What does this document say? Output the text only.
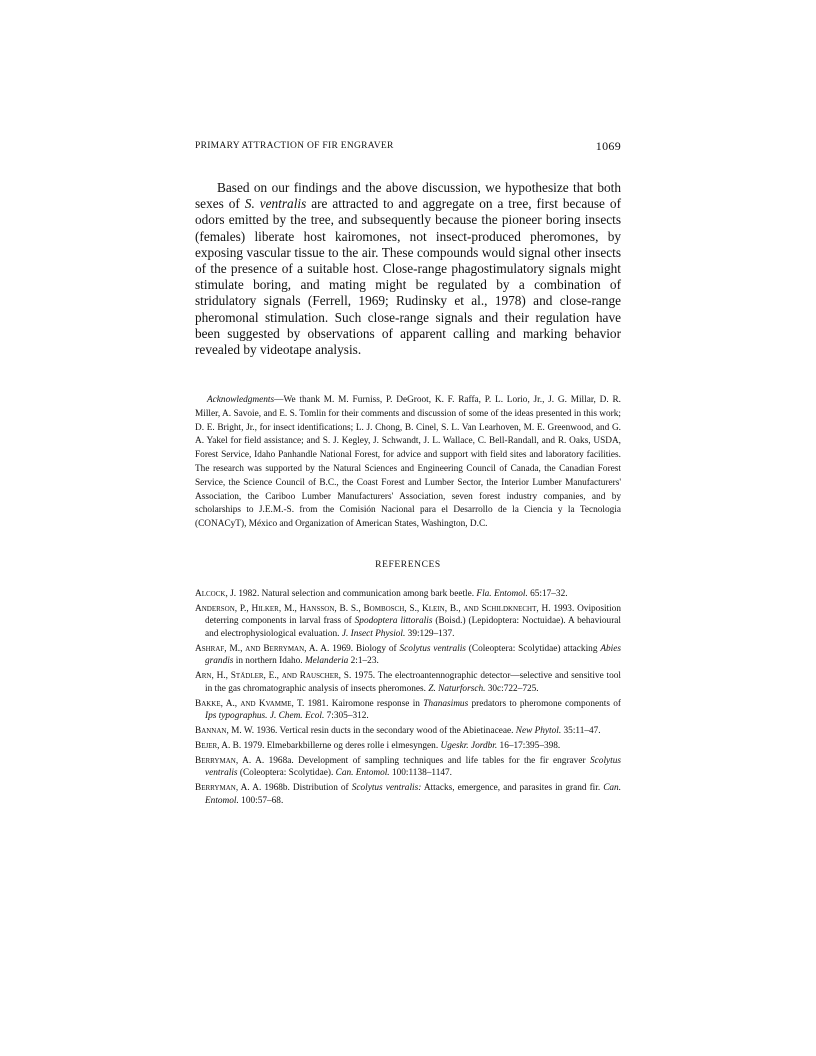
PRIMARY ATTRACTION OF FIR ENGRAVER	1069

Based on our findings and the above discussion, we hypothesize that both sexes of S. ventralis are attracted to and aggregate on a tree, first because of odors emitted by the tree, and subsequently because the pioneer boring insects (females) liberate host kairomones, not insect-produced pheromones, by exposing vascular tissue to the air. These compounds would signal other insects of the presence of a suitable host. Close-range phagostimulatory signals might stimulate boring, and mating might be regulated by a combination of stridulatory signals (Ferrell, 1969; Rudinsky et al., 1978) and close-range pheromonal stimulation. Such close-range signals and their regulation have been suggested by observations of apparent calling and marking behavior revealed by videotape analysis.

Acknowledgments—We thank M. M. Furniss, P. DeGroot, K. F. Raffa, P. L. Lorio, Jr., J. G. Millar, D. R. Miller, A. Savoie, and E. S. Tomlin for their comments and discussion of some of the ideas presented in this work; D. E. Bright, Jr., for insect identifications; L. J. Chong, B. Cinel, S. L. Van Learhoven, M. E. Greenwood, and G. A. Yakel for field assistance; and S. J. Kegley, J. Schwandt, J. L. Wallace, C. Bell-Randall, and R. Oaks, USDA, Forest Service, Idaho Panhandle National Forest, for advice and support with field sites and laboratory facilities. The research was supported by the Natural Sciences and Engineering Council of Canada, the Canadian Forest Service, the Science Council of B.C., the Coast Forest and Lumber Sector, the Interior Lumber Manufacturers' Association, the Cariboo Lumber Manufacturers' Association, seven forest industry companies, and by scholarships to J.E.M.-S. from the Comisión Nacional para el Desarrollo de la Ciencia y la Tecnologia (CONACyT), México and Organization of American States, Washington, D.C.

REFERENCES
Alcock, J. 1982. Natural selection and communication among bark beetle. Fla. Entomol. 65:17–32.
Anderson, P., Hilker, M., Hansson, B. S., Bombosch, S., Klein, B., and Schildknecht, H. 1993. Oviposition deterring components in larval frass of Spodoptera littoralis (Boisd.) (Lepidoptera: Noctuidae). A behavioural and electrophysiological evaluation. J. Insect Physiol. 39:129–137.
Ashraf, M., and Berryman, A. A. 1969. Biology of Scolytus ventralis (Coleoptera: Scolytidae) attacking Abies grandis in northern Idaho. Melanderia 2:1–23.
Arn, H., Städler, E., and Rauscher, S. 1975. The electroantennographic detector—selective and sensitive tool in the gas chromatographic analysis of insects pheromones. Z. Naturforsch. 30c:722–725.
Bakke, A., and Kvamme, T. 1981. Kairomone response in Thanasimus predators to pheromone components of Ips typographus. J. Chem. Ecol. 7:305–312.
Bannan, M. W. 1936. Vertical resin ducts in the secondary wood of the Abietinaceae. New Phytol. 35:11–47.
Bejer, A. B. 1979. Elmebarkbillerne og deres rolle i elmesyngen. Ugeskr. Jordbr. 16–17:395–398.
Berryman, A. A. 1968a. Development of sampling techniques and life tables for the fir engraver Scolytus ventralis (Coleoptera: Scolytidae). Can. Entomol. 100:1138–1147.
Berryman, A. A. 1968b. Distribution of Scolytus ventralis: Attacks, emergence, and parasites in grand fir. Can. Entomol. 100:57–68.
